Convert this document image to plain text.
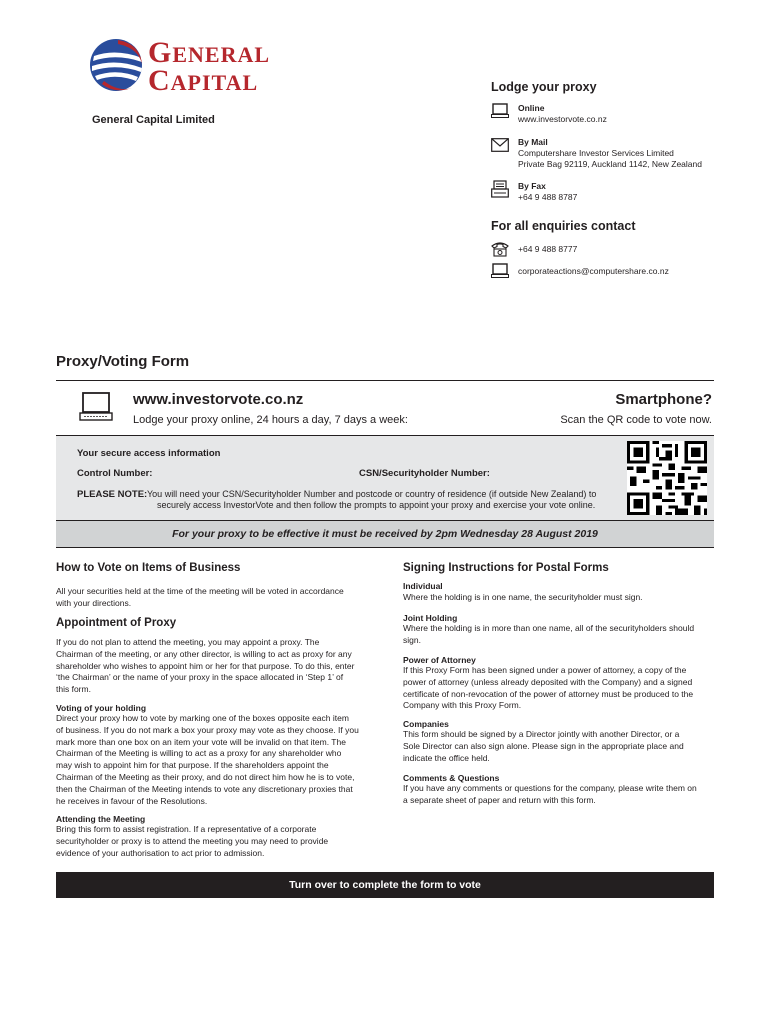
GENERAL
CAPITAL
General Capital Limited
Lodge your proxy
Online
www.investorvote.co.nz
By Mail
Computershare Investor Services Limited
Private Bag 92119, Auckland 1142, New Zealand
By Fax
+64 9 488 8787
For all enquiries contact
+64 9 488 8777
corporateactions@computershare.co.nz
Proxy/Voting Form
www.investorvote.co.nz
Lodge your proxy online, 24 hours a day, 7 days a week:
Smartphone?
Scan the QR code to vote now.
Your secure access information
Control Number:	CSN/Securityholder Number:
PLEASE NOTE: You will need your CSN/Securityholder Number and postcode or country of residence (if outside New Zealand) to
securely access InvestorVote and then follow the prompts to appoint your proxy and exercise your vote online.
For your proxy to be effective it must be received by 2pm Wednesday 28 August 2019
How to Vote on Items of Business
All your securities held at the time of the meeting will be voted in accordance
with your directions.
Appointment of Proxy
If you do not plan to attend the meeting, you may appoint a proxy. The
Chairman of the meeting, or any other director, is willing to act as proxy for any
shareholder who wishes to appoint him or her for that purpose. To do this, enter
‘the Chairman’ or the name of your proxy in the space allocated in ‘Step 1’ of
this form.
Voting of your holding
Direct your proxy how to vote by marking one of the boxes opposite each item
of business. If you do not mark a box your proxy may vote as they choose. If you
mark more than one box on an item your vote will be invalid on that item. The
Chairman of the Meeting is willing to act as a proxy for any shareholder who
may wish to appoint him for that purpose. If the shareholders appoint the
Chairman of the Meeting as their proxy, and do not direct him how he is to vote,
then the Chairman of the Meeting intends to vote any discretionary proxies that
he receives in favour of the Resolutions.
Attending the Meeting
Bring this form to assist registration. If a representative of a corporate
securityholder or proxy is to attend the meeting you may need to provide
evidence of your authorisation to act prior to admission.
Signing Instructions for Postal Forms
Individual
Where the holding is in one name, the securityholder must sign.
Joint Holding
Where the holding is in more than one name, all of the securityholders should
sign.
Power of Attorney
If this Proxy Form has been signed under a power of attorney, a copy of the
power of attorney (unless already deposited with the Company) and a signed
certificate of non-revocation of the power of attorney must be produced to the
Company with this Proxy Form.
Companies
This form should be signed by a Director jointly with another Director, or a
Sole Director can also sign alone. Please sign in the appropriate place and
indicate the office held.
Comments & Questions
If you have any comments or questions for the company, please write them on
a separate sheet of paper and return with this form.
Turn over to complete the form to vote
